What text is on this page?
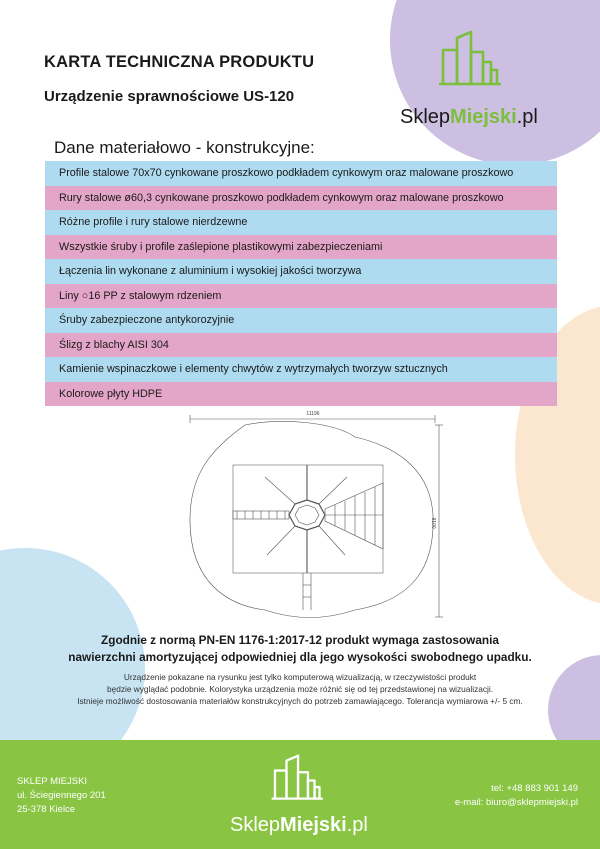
KARTA TECHNICZNA PRODUKTU
Urządzenie sprawnościowe US-120
SklepMiejski.pl
Dane materiałowo - konstrukcyjne:
Profile stalowe 70x70 cynkowane proszkowo podkładem cynkowym oraz malowane proszkowo
Rury stalowe ø60,3 cynkowane proszkowo podkładem cynkowym oraz malowane proszkowo
Różne profile i rury stalowe nierdzewne
Wszystkie śruby i profile zaślepione plastikowymi zabezpieczeniami
Łączenia lin wykonane z aluminium i wysokiej jakości tworzywa
Liny ○16 PP z stalowym rdzeniem
Śruby zabezpieczone antykorozyjnie
Ślizg z blachy AISI 304
Kamienie wspinaczkowe i elementy chwytów z wytrzymałych tworzyw sztucznych
Kolorowe płyty HDPE
11196
9100
Zgodnie z normą PN-EN 1176-1:2017-12 produkt wymaga zastosowania
nawierzchni amortyzującej odpowiedniej dla jego wysokości swobodnego upadku.
Urządzenie pokazane na rysunku jest tylko komputerową wizualizacją, w rzeczywistości produkt
będzie wyglądać podobnie. Kolorystyka urządzenia może różnić się od tej przedstawionej na wizualizacji.
Istnieje możliwość dostosowania materiałów konstrukcyjnych do potrzeb zamawiającego. Tolerancja wymiarowa +/- 5 cm.
SKLEP MIEJSKI
ul. Ściegiennego 201
25-378 Kielce
SklepMiejski.pl
tel: +48 883 901 149
e-mail: biuro@sklepmiejski.pl
